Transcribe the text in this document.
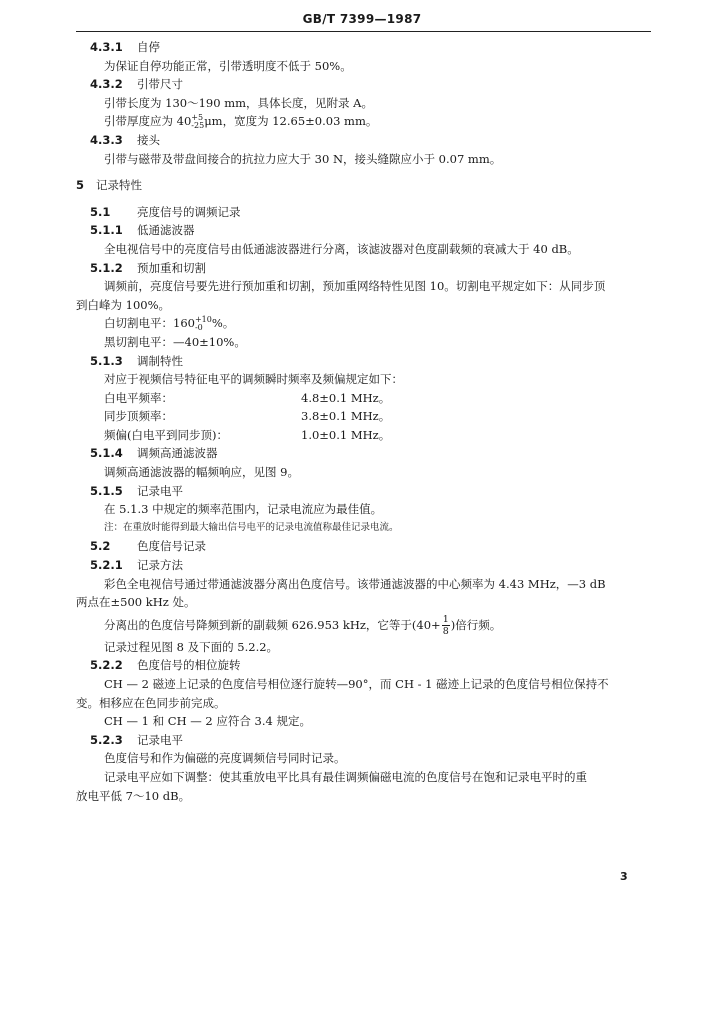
GB/T 7399—1987
4.3.1 自停
为保证自停功能正常，引带透明度不低于 50%。
4.3.2 引带尺寸
引带长度为 130～190 mm，具体长度，见附录 A。
引带厚度应为 40 +5
-25 μm，宽度为 12.65±0.03 mm。
4.3.3 接头
引带与磁带及带盘间接合的抗拉力应大于 30 N，接头缝隙应小于 0.07 mm。
5 记录特性
5.1 亮度信号的调频记录
5.1.1 低通滤波器
全电视信号中的亮度信号由低通滤波器进行分离，该滤波器对色度副载频的衰减大于 40 dB。
5.1.2 预加重和切割
调频前，亮度信号要先进行预加重和切割，预加重网络特性见图 10。切割电平规定如下：从同步顶
到白峰为 100%。
白切割电平：160 +10
-0 %。
黑切割电平：—40±10%。
5.1.3 调制特性
对应于视频信号特征电平的调频瞬时频率及频偏规定如下：
白电平频率：	4.8±0.1 MHz。
同步顶频率：	3.8±0.1 MHz。
频偏(白电平到同步顶)：	1.0±0.1 MHz。
5.1.4 调频高通滤波器
调频高通滤波器的幅频响应，见图 9。
5.1.5 记录电平
在 5.1.3 中规定的频率范围内，记录电流应为最佳值。
注：在重放时能得到最大输出信号电平的记录电流值称最佳记录电流。
5.2 色度信号记录
5.2.1 记录方法
彩色全电视信号通过带通滤波器分离出色度信号。该带通滤波器的中心频率为 4.43 MHz，—3 dB
两点在±500 kHz 处。
分离出的色度信号降频到新的副载频 626.953 kHz，它等于($40+ \frac{1}{8}$ )倍行频。
记录过程见图 8 及下面的 5.2.2。
5.2.2 色度信号的相位旋转
CH — 2 磁迹上记录的色度信号相位逐行旋转—90°，而 CH - 1 磁迹上记录的色度信号相位保持不
变。相移应在色同步前完成。
CH — 1 和 CH — 2 应符合 3.4 规定。
5.2.3 记录电平
色度信号和作为偏磁的亮度调频信号同时记录。
记录电平应如下调整：使其重放电平比具有最佳调频偏磁电流的色度信号在饱和记录电平时的重
放电平低 7～10 dB。
3
